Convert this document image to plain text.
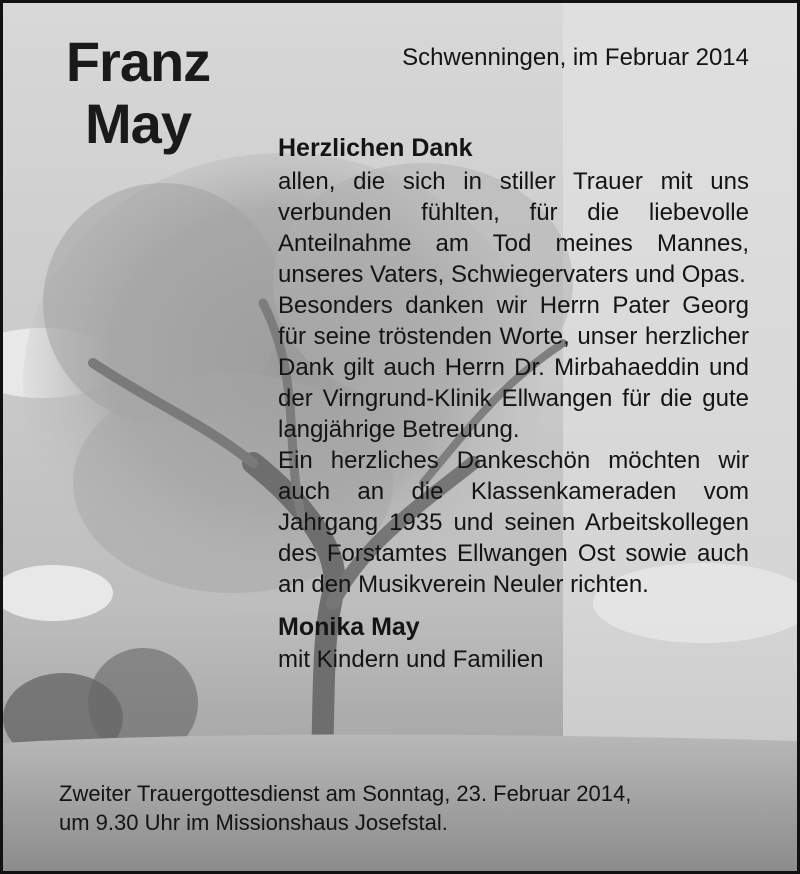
Franz
May
Schwenningen, im Februar 2014
Herzlichen Dank

allen, die sich in stiller Trauer mit uns verbunden fühlten, für die liebevolle Anteilnahme am Tod meines Mannes, unseres Vaters, Schwiegervaters und Opas.

Besonders danken wir Herrn Pater Georg für seine tröstenden Worte, unser herzlicher Dank gilt auch Herrn Dr. Mirbahaeddin und der Virngrund-Klinik Ellwangen für die gute langjährige Betreuung.

Ein herzliches Dankeschön möchten wir auch an die Klassenkameraden vom Jahrgang 1935 und seinen Arbeitskollegen des Forstamtes Ellwangen Ost sowie auch an den Musikverein Neuler richten.

Monika May
mit Kindern und Familien
Zweiter Trauergottesdienst am Sonntag, 23. Februar 2014,
um 9.30 Uhr im Missionshaus Josefstal.
